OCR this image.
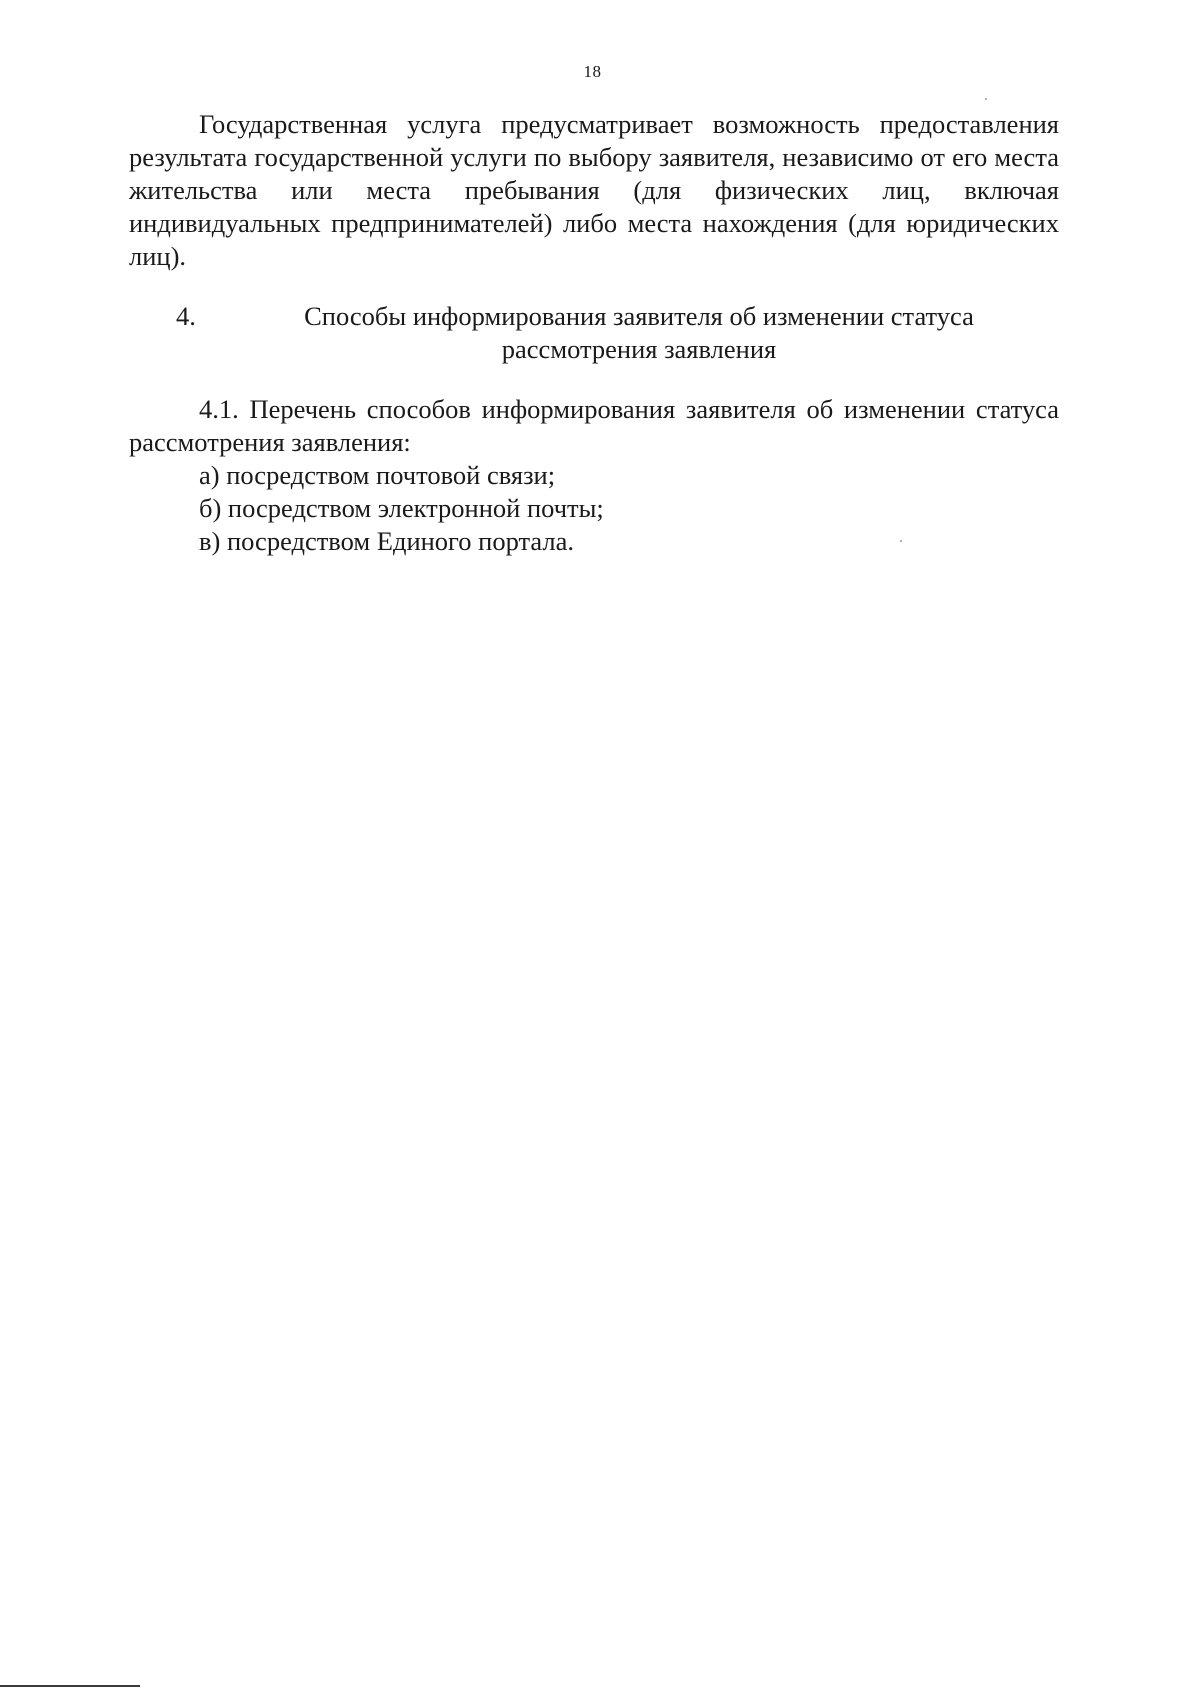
18

Государственная услуга предусматривает возможность предоставления результата государственной услуги по выбору заявителя, независимо от его места жительства или места пребывания (для физических лиц, включая индивидуальных предпринимателей) либо места нахождения (для юридических лиц).

4.	Способы информирования заявителя об изменении статуса рассмотрения заявления

4.1. Перечень способов информирования заявителя об изменении статуса рассмотрения заявления:

а) посредством почтовой связи;
б) посредством электронной почты;
в) посредством Единого портала.
